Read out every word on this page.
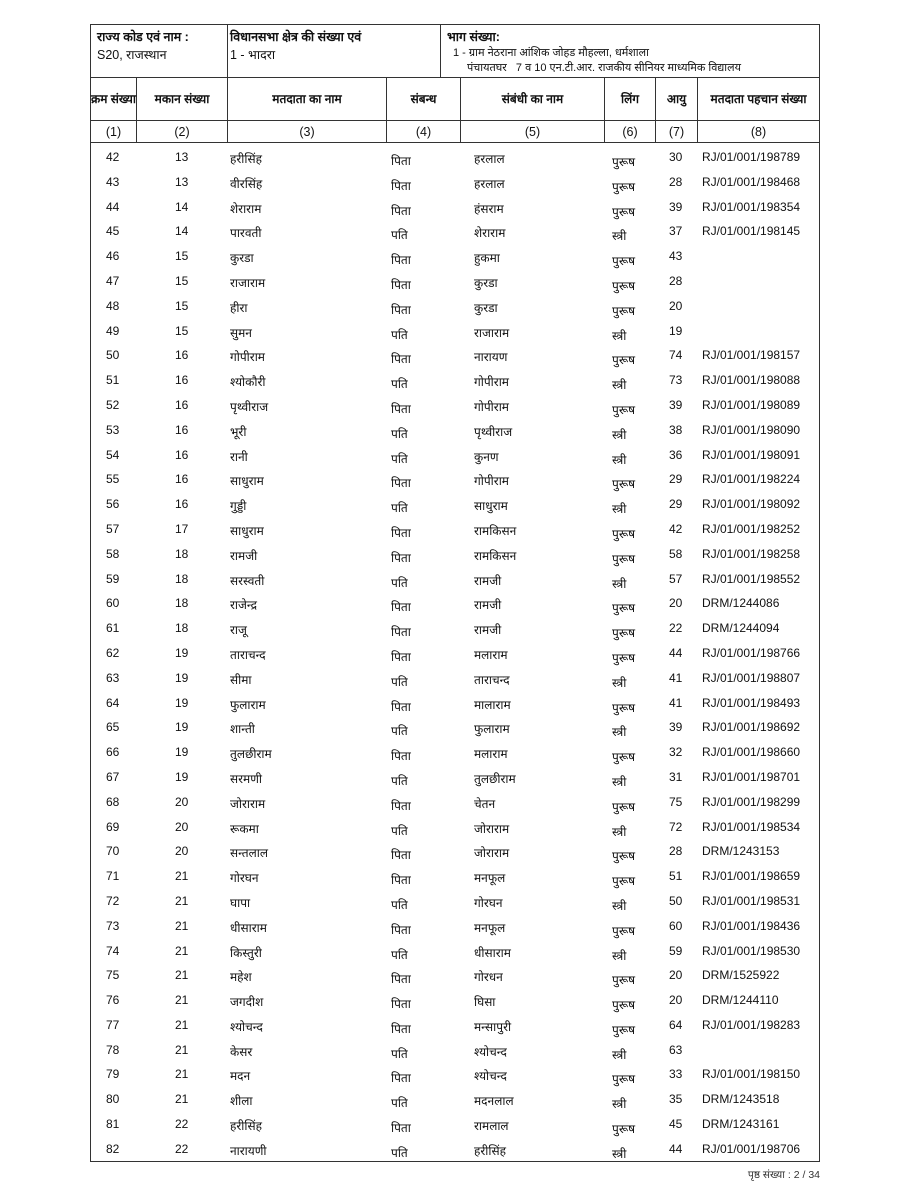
राज्य कोड एवं नाम :
S20, राजस्थान
विधानसभा क्षेत्र की संख्या एवं
1 - भादरा
भाग संख्या:
1 - ग्राम नेठराना आंशिक जोहड मौहल्ला, धर्मशाला
पंचायतघर   7 व 10 एन.टी.आर. राजकीय सीनियर माध्यमिक विद्यालय
क्रम संख्या	मकान संख्या	मतदाता का नाम	संबन्ध	संबंधी का नाम	लिंग	आयु	मतदाता पहचान संख्या
(1)	(2)	(3)	(4)	(5)	(6)	(7)	(8)
42	13	हरीसिंह	पिता	हरलाल	पुरूष	30 RJ/01/001/198789
43	13	वीरसिंह	पिता	हरलाल	पुरूष	28 RJ/01/001/198468
44	14	शेराराम	पिता	हंसराम	पुरूष	39 RJ/01/001/198354
45	14	पारवती	पति	शेराराम	स्त्री	37 RJ/01/001/198145
46	15	कुरडा	पिता	हुकमा	पुरूष	43
47	15	राजाराम	पिता	कुरडा	पुरूष	28
48	15	हीरा	पिता	कुरडा	पुरूष	20
49	15	सुमन	पति	राजाराम	स्त्री	19
50	16	गोपीराम	पिता	नारायण	पुरूष	74 RJ/01/001/198157
51	16	श्योकौरी	पति	गोपीराम	स्त्री	73 RJ/01/001/198088
52	16	पृथ्वीराज	पिता	गोपीराम	पुरूष	39 RJ/01/001/198089
53	16	भूरी	पति	पृथ्वीराज	स्त्री	38 RJ/01/001/198090
54	16	रानी	पति	कुनण	स्त्री	36 RJ/01/001/198091
55	16	साधुराम	पिता	गोपीराम	पुरूष	29 RJ/01/001/198224
56	16	गुड्डी	पति	साधुराम	स्त्री	29 RJ/01/001/198092
57	17	साधुराम	पिता	रामकिसन	पुरूष	42 RJ/01/001/198252
58	18	रामजी	पिता	रामकिसन	पुरूष	58 RJ/01/001/198258
59	18	सरस्वती	पति	रामजी	स्त्री	57 RJ/01/001/198552
60	18	राजेन्द्र	पिता	रामजी	पुरूष	20 DRM/1244086
61	18	राजू	पिता	रामजी	पुरूष	22 DRM/1244094
62	19	ताराचन्द	पिता	मलाराम	पुरूष	44 RJ/01/001/198766
63	19	सीमा	पति	ताराचन्द	स्त्री	41 RJ/01/001/198807
64	19	फुलाराम	पिता	मालाराम	पुरूष	41 RJ/01/001/198493
65	19	शान्ती	पति	फुलाराम	स्त्री	39 RJ/01/001/198692
66	19	तुलछीराम	पिता	मलाराम	पुरूष	32 RJ/01/001/198660
67	19	सरमणी	पति	तुलछीराम	स्त्री	31 RJ/01/001/198701
68	20	जोराराम	पिता	चेतन	पुरूष	75 RJ/01/001/198299
69	20	रूकमा	पति	जोराराम	स्त्री	72 RJ/01/001/198534
70	20	सन्तलाल	पिता	जोराराम	पुरूष	28 DRM/1243153
71	21	गोरघन	पिता	मनफूल	पुरूष	51 RJ/01/001/198659
72	21	घापा	पति	गोरघन	स्त्री	50 RJ/01/001/198531
73	21	धीसाराम	पिता	मनफूल	पुरूष	60 RJ/01/001/198436
74	21	किस्तुरी	पति	धीसाराम	स्त्री	59 RJ/01/001/198530
75	21	महेश	पिता	गोरधन	पुरूष	20 DRM/1525922
76	21	जगदीश	पिता	घिसा	पुरूष	20 DRM/1244110
77	21	श्योचन्द	पिता	मन्सापुरी	पुरूष	64 RJ/01/001/198283
78	21	केसर	पति	श्योचन्द	स्त्री	63
79	21	मदन	पिता	श्योचन्द	पुरूष	33 RJ/01/001/198150
80	21	शीला	पति	मदनलाल	स्त्री	35 DRM/1243518
81	22	हरीसिंह	पिता	रामलाल	पुरूष	45 DRM/1243161
82	22	नारायणी	पति	हरीसिंह	स्त्री	44 RJ/01/001/198706
पृष्ठ संख्या : 2 / 34
